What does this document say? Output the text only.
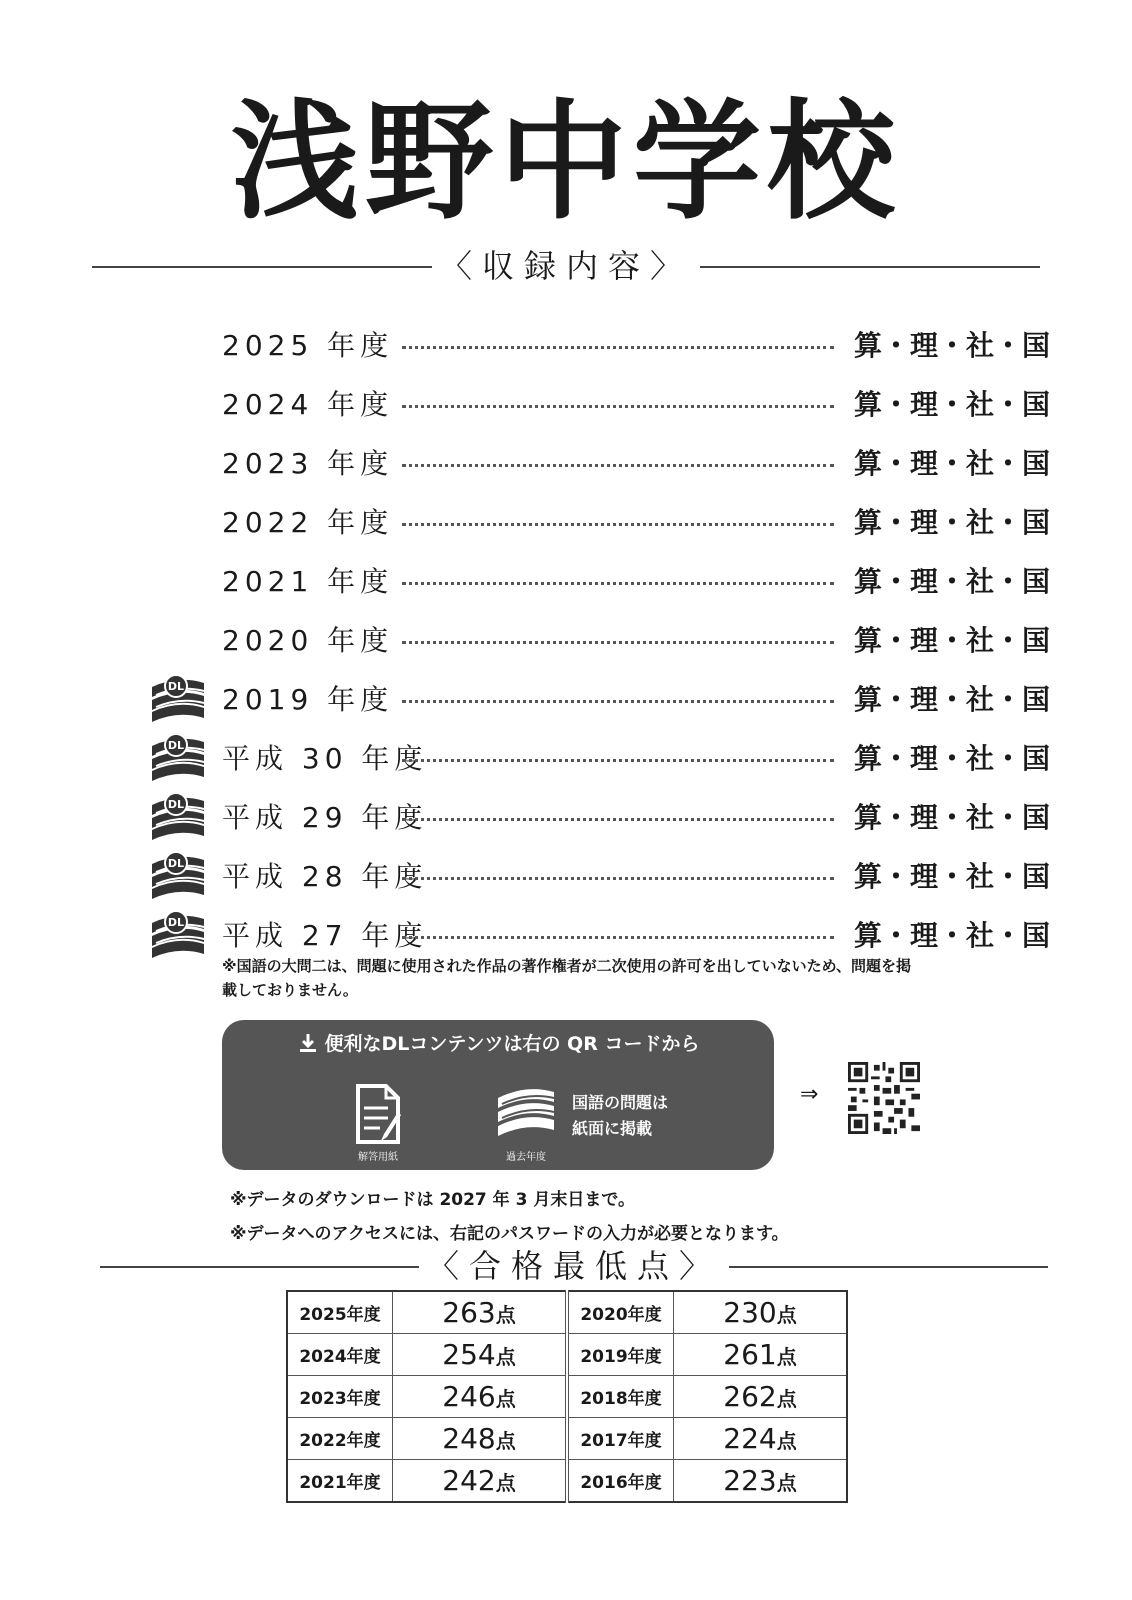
浅野中学校
〈収録内容〉
2025 年度	算・理・社・国
2024 年度	算・理・社・国
2023 年度	算・理・社・国
2022 年度	算・理・社・国
2021 年度	算・理・社・国
2020 年度	算・理・社・国
DL 2019 年度	算・理・社・国
DL 平成 30 年度	算・理・社・国
DL 平成 29 年度	算・理・社・国
DL 平成 28 年度	算・理・社・国
DL 平成 27 年度	算・理・社・国
※国語の大問二は、問題に使用された作品の著作権者が二次使用の許可を出していないため、問題を掲載しておりません。
便利なDLコンテンツは右の QR コードから
解答用紙	過去年度
国語の問題は
紙面に掲載
⇒
※データのダウンロードは 2027 年 3 月末日まで。
※データへのアクセスには、右記のパスワードの入力が必要となります。
〈合格最低点〉
2025年度	263点	2020年度	230点
2024年度	254点	2019年度	261点
2023年度	246点	2018年度	262点
2022年度	248点	2017年度	224点
2021年度	242点	2016年度	223点
